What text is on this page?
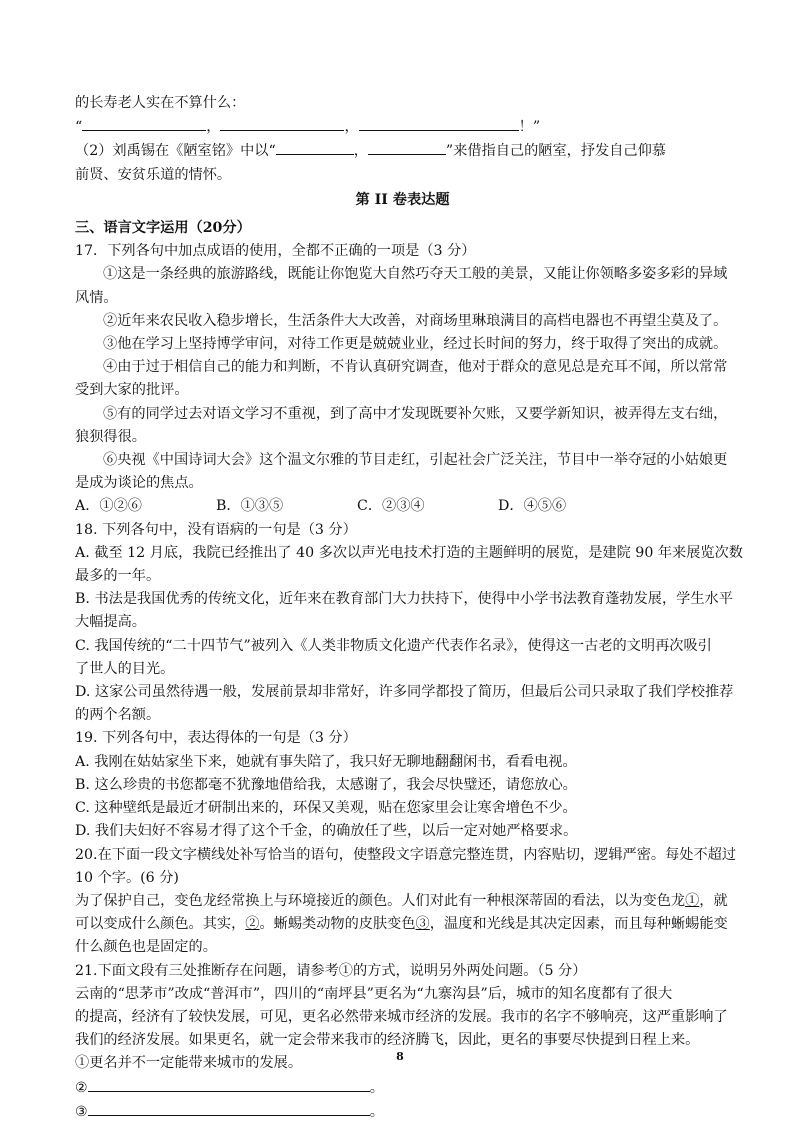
的长寿老人实在不算什么：
“	，	，	！”
（2）刘禹锡在《陋室铭》中以“	，	”来借指自己的陋室，抒发自己仰慕
前贤、安贫乐道的情怀。
第 II 卷表达题
三、语言文字运用（20分）
17．下列各句中加点成语的使用，全都不正确的一项是（3 分）
①这是一条经典的旅游路线，既能让你饱览大自然巧夺天工般的美景，又能让你领略多姿多彩的异域
风情。
②近年来农民收入稳步增长，生活条件大大改善，对商场里琳琅满目的高档电器也不再望尘莫及了。
③他在学习上坚持博学审问，对待工作更是兢兢业业，经过长时间的努力，终于取得了突出的成就。
④由于过于相信自己的能力和判断，不肯认真研究调查，他对于群众的意见总是充耳不闻，所以常常
受到大家的批评。
⑤有的同学过去对语文学习不重视，到了高中才发现既要补欠账，又要学新知识，被弄得左支右绌，
狼狈得很。
⑥央视《中国诗词大会》这个温文尔雅的节目走红，引起社会广泛关注，节目中一举夺冠的小姑娘更
是成为谈论的焦点。
A．①②⑥	B．①③⑤	C．②③④	D．④⑤⑥
18. 下列各句中，没有语病的一句是（3 分）
A. 截至 12 月底，我院已经推出了 40 多次以声光电技术打造的主题鲜明的展览，是建院 90 年来展览次数
最多的一年。
B. 书法是我国优秀的传统文化，近年来在教育部门大力扶持下，使得中小学书法教育蓬勃发展，学生水平
大幅提高。
C. 我国传统的“二十四节气”被列入《人类非物质文化遗产代表作名录》，使得这一古老的文明再次吸引
了世人的目光。
D. 这家公司虽然待遇一般，发展前景却非常好，许多同学都投了简历，但最后公司只录取了我们学校推荐
的两个名额。
19. 下列各句中，表达得体的一句是（3 分）
A. 我刚在姑姑家坐下来，她就有事失陪了，我只好无聊地翻翻闲书，看看电视。
B. 这么珍贵的书您都毫不犹豫地借给我，太感谢了，我会尽快璧还，请您放心。
C. 这种壁纸是最近才研制出来的，环保又美观，贴在您家里会让寒舍增色不少。
D. 我们夫妇好不容易才得了这个千金，的确放任了些，以后一定对她严格要求。
20.在下面一段文字横线处补写恰当的语句，使整段文字语意完整连贯，内容贴切，逻辑严密。每处不超过
10 个字。(6 分)
为了保护自己，变色龙经常换上与环境接近的颜色。人们对此有一种根深蒂固的看法，以为变色龙①，就
可以变成什么颜色。其实，②。蜥蜴类动物的皮肤变色③，温度和光线是其决定因素，而且每种蜥蜴能变
什么颜色也是固定的。
21.下面文段有三处推断存在问题，请参考①的方式，说明另外两处问题。（5 分）
云南的“思茅市”改成“普洱市”，四川的“南坪县”更名为“九寨沟县”后，城市的知名度都有了很大
的提高，经济有了较快发展，可见，更名必然带来城市经济的发展。我市的名字不够响亮，这严重影响了
我们的经济发展。如果更名，就一定会带来我市的经济腾飞，因此，更名的事要尽快提到日程上来。
①更名并不一定能带来城市的发展。
②	。
③	。
8
